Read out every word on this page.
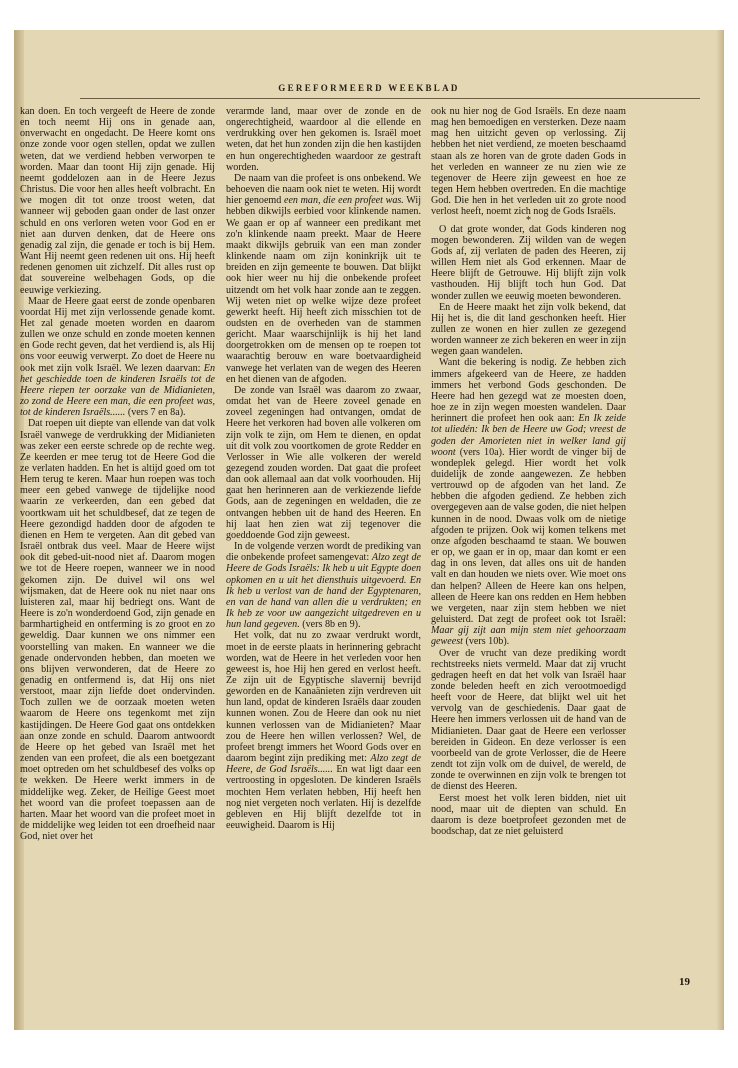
GEREFORMEERD WEEKBLAD

kan doen. En toch vergeeft de Heere de zonde en toch neemt Hij ons in genade aan, onverwacht en ongedacht. De Heere komt ons onze zonde voor ogen stellen, opdat we zullen weten, dat we verdiend hebben verworpen te worden. Maar dan toont Hij zijn genade. Hij neemt goddelozen aan in de Heere Jezus Christus. Die voor hen alles heeft volbracht. En we mogen dit tot onze troost weten, dat wanneer wij geboden gaan onder de last onzer schuld en ons verloren weten voor God en er niet aan durven denken, dat de Heere ons genadig zal zijn, die genade er toch is bij Hem. Want Hij neemt geen redenen uit ons. Hij heeft redenen genomen uit zichzelf. Dit alles rust op dat souvereine welbehagen Gods, op die eeuwige verkiezing.

Maar de Heere gaat eerst de zonde openbaren voordat Hij met zijn verlossende genade komt. Het zal genade moeten worden en daarom zullen we onze schuld en zonde moeten kennen en Gode recht geven, dat het verdiend is, als Hij ons voor eeuwig verwerpt. Zo doet de Heere nu ook met zijn volk Israël. We lezen daarvan: En het geschiedde toen de kinderen Israëls tot de Heere riepen ter oorzake van de Midianieten, zo zond de Heere een man, die een profeet was, tot de kinderen Israëls...... (vers 7 en 8a).

Dat roepen uit diepte van ellende van dat volk Israël vanwege de verdrukking der Midianieten was zeker een eerste schrede op de rechte weg. Ze keerden er mee terug tot de Heere God die ze verlaten hadden. En het is altijd goed om tot Hem terug te keren. Maar hun roepen was toch meer een gebed vanwege de tijdelijke nood waarin ze verkeerden, dan een gebed dat voortkwam uit het schuldbesef, dat ze tegen de Heere gezondigd hadden door de afgoden te dienen en Hem te vergeten. Aan dit gebed van Israël ontbrak dus veel. Maar de Heere wijst ook dit gebed-uit-nood niet af. Daarom mogen we tot de Heere roepen, wanneer we in nood gekomen zijn. De duivel wil ons wel wijsmaken, dat de Heere ook nu niet naar ons luisteren zal, maar hij bedriegt ons. Want de Heere is zo'n wonderdoend God, zijn genade en barmhartigheid en ontferming is zo groot en zo geweldig. Daar kunnen we ons nimmer een voorstelling van maken. En wanneer we die genade ondervonden hebben, dan moeten we ons blijven verwonderen, dat de Heere zo genadig en ontfermend is, dat Hij ons niet verstoot, maar zijn liefde doet ondervinden. Toch zullen we de oorzaak moeten weten waarom de Heere ons tegenkomt met zijn kastijdingen. De Heere God gaat ons ontdekken aan onze zonde en schuld. Daarom antwoordt de Heere op het gebed van Israël met het zenden van een profeet, die als een boetgezant moet optreden om het schuldbesef des volks op te wekken. De Heere werkt immers in de middelijke weg. Zeker, de Heilige Geest moet het woord van die profeet toepassen aan de harten. Maar het woord van die profeet moet in de middelijke weg leiden tot een droefheid naar God, niet over het

verarmde land, maar over de zonde en de ongerechtigheid, waardoor al die ellende en verdrukking over hen gekomen is. Israël moet weten, dat het hun zonden zijn die hen kastijden en hun ongerechtigheden waardoor ze gestraft worden.

De naam van die profeet is ons onbekend. We behoeven die naam ook niet te weten. Hij wordt hier genoemd een man, die een profeet was. Wij hebben dikwijls eerbied voor klinkende namen. We gaan er op af wanneer een predikant met zo'n klinkende naam preekt. Maar de Heere maakt dikwijls gebruik van een man zonder klinkende naam om zijn koninkrijk uit te breiden en zijn gemeente te bouwen. Dat blijkt ook hier weer nu hij die onbekende profeet uitzendt om het volk haar zonde aan te zeggen. Wij weten niet op welke wijze deze profeet gewerkt heeft. Hij heeft zich misschien tot de oudsten en de overheden van de stammen gericht. Maar waarschijnlijk is hij het land doorgetrokken om de mensen op te roepen tot waarachtig berouw en ware boetvaardigheid vanwege het verlaten van de wegen des Heeren en het dienen van de afgoden.

De zonde van Israël was daarom zo zwaar, omdat het van de Heere zoveel genade en zoveel zegeningen had ontvangen, omdat de Heere het verkoren had boven alle volkeren om zijn volk te zijn, om Hem te dienen, en opdat uit dit volk zou voortkomen de grote Redder en Verlosser in Wie alle volkeren der wereld gezegend zouden worden. Dat gaat die profeet dan ook allemaal aan dat volk voorhouden. Hij gaat hen herinneren aan de verkiezende liefde Gods, aan de zegeningen en weldaden, die ze ontvangen hebben uit de hand des Heeren. En hij laat hen zien wat zij tegenover die goeddoende God zijn geweest.

In de volgende verzen wordt de prediking van die onbekende profeet samengevat: Alzo zegt de Heere de Gods Israëls: Ik heb u uit Egypte doen opkomen en u uit het diensthuis uitgevoerd. En Ik heb u verlost van de hand der Egyptenaren, en van de hand van allen die u verdrukten; en Ik heb ze voor uw aangezicht uitgedreven en u hun land gegeven. (vers 8b en 9).

Het volk, dat nu zo zwaar verdrukt wordt, moet in de eerste plaats in herinnering gebracht worden, wat de Heere in het verleden voor hen geweest is, hoe Hij hen gered en verlost heeft. Ze zijn uit de Egyptische slavernij bevrijd geworden en de Kanaänieten zijn verdreven uit hun land, opdat de kinderen Israëls daar zouden kunnen wonen. Zou de Heere dan ook nu niet kunnen verlossen van de Midianieten? Maar zou de Heere hen willen verlossen? Wel, de profeet brengt immers het Woord Gods over en daarom begint zijn prediking met: Alzo zegt de Heere, de God Israëls...... En wat ligt daar een vertroosting in opgesloten. De kinderen Israëls mochten Hem verlaten hebben, Hij heeft hen nog niet vergeten noch verlaten. Hij is dezelfde gebleven en Hij blijft dezelfde tot in eeuwigheid. Daarom is Hij

ook nu hier nog de God Israëls. En deze naam mag hen bemoedigen en versterken. Deze naam mag hen uitzicht geven op verlossing. Zij hebben het niet verdiend, ze moeten beschaamd staan als ze horen van de grote daden Gods in het verleden en wanneer ze nu zien wie ze tegenover de Heere zijn geweest en hoe ze tegen Hem hebben overtreden. En die machtige God. Die hen in het verleden uit zo grote nood verlost heeft, noemt zich nog de Gods Israëls.

*

O dat grote wonder, dat Gods kinderen nog mogen bewonderen. Zij wilden van de wegen Gods af, zij verlaten de paden des Heeren, zij willen Hem niet als God erkennen. Maar de Heere blijft de Getrouwe. Hij blijft zijn volk vasthouden. Hij blijft toch hun God. Dat wonder zullen we eeuwig moeten bewonderen.

En de Heere maakt het zijn volk bekend, dat Hij het is, die dit land geschonken heeft. Hier zullen ze wonen en hier zullen ze gezegend worden wanneer ze zich bekeren en weer in zijn wegen gaan wandelen.

Want die bekering is nodig. Ze hebben zich immers afgekeerd van de Heere, ze hadden immers het verbond Gods geschonden. De Heere had hen gezegd wat ze moesten doen, hoe ze in zijn wegen moesten wandelen. Daar herinnert die profeet hen ook aan: En Ik zeide tot uliedén: Ik ben de Heere uw God; vreest de goden der Amorieten niet in welker land gij woont (vers 10a). Hier wordt de vinger bij de wondeplek gelegd. Hier wordt het volk duidelijk de zonde aangewezen. Ze hebben vertrouwd op de afgoden van het land. Ze hebben die afgoden gediend. Ze hebben zich overgegeven aan de valse goden, die niet helpen kunnen in de nood. Dwaas volk om de nietige afgoden te prijzen. Ook wij komen telkens met onze afgoden beschaamd te staan. We bouwen er op, we gaan er in op, maar dan komt er een dag in ons leven, dat alles ons uit de handen valt en dan houden we niets over. Wie moet ons dan helpen? Alleen de Heere kan ons helpen, alleen de Heere kan ons redden en Hem hebben we vergeten, naar zijn stem hebben we niet geluisterd. Dat zegt de profeet ook tot Israël: Maar gij zijt aan mijn stem niet gehoorzaam geweest (vers 10b).

Over de vrucht van deze prediking wordt rechtstreeks niets vermeld. Maar dat zij vrucht gedragen heeft en dat het volk van Israël haar zonde beleden heeft en zich verootmoedigd heeft voor de Heere, dat blijkt wel uit het vervolg van de geschiedenis. Daar gaat de Heere hen immers verlossen uit de hand van de Midianieten. Daar gaat de Heere een verlosser bereiden in Gideon. En deze verlosser is een voorbeeld van de grote Verlosser, die de Heere zendt tot zijn volk om de duivel, de wereld, de zonde te overwinnen en zijn volk te brengen tot de dienst des Heeren.

Eerst moest het volk leren bidden, niet uit nood, maar uit de diepten van schuld. En daarom is deze boetprofeet gezonden met de boodschap, dat ze niet geluisterd

19
